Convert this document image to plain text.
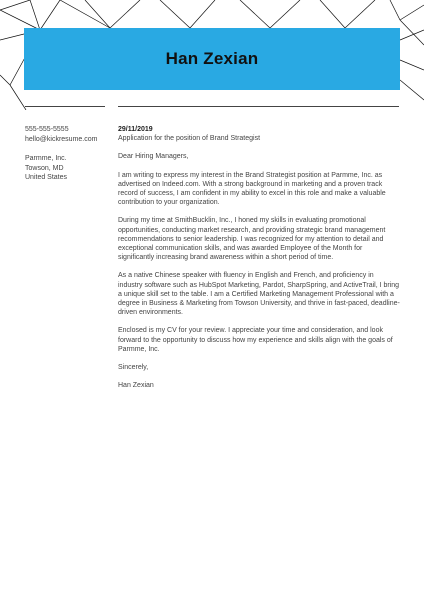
Han Zexian
555-555-5555
hello@kickresume.com
Parmme, Inc.
Towson, MD
United States
29/11/2019

Application for the position of Brand Strategist

Dear Hiring Managers,

I am writing to express my interest in the Brand Strategist position at Parmme, Inc. as advertised on Indeed.com. With a strong background in marketing and a proven track record of success, I am confident in my ability to excel in this role and make a valuable contribution to your organization.

During my time at SmithBucklin, Inc., I honed my skills in evaluating promotional opportunities, conducting market research, and providing strategic brand management recommendations to senior leadership. I was recognized for my attention to detail and exceptional communication skills, and was awarded Employee of the Month for significantly increasing brand awareness within a short period of time.

As a native Chinese speaker with fluency in English and French, and proficiency in industry software such as HubSpot Marketing, Pardot, SharpSpring, and ActiveTrail, I bring a unique skill set to the table. I am a Certified Marketing Management Professional with a degree in Business & Marketing from Towson University, and thrive in fast-paced, deadline-driven environments.

Enclosed is my CV for your review. I appreciate your time and consideration, and look forward to the opportunity to discuss how my experience and skills align with the goals of Parmme, Inc.

Sincerely,

Han Zexian
